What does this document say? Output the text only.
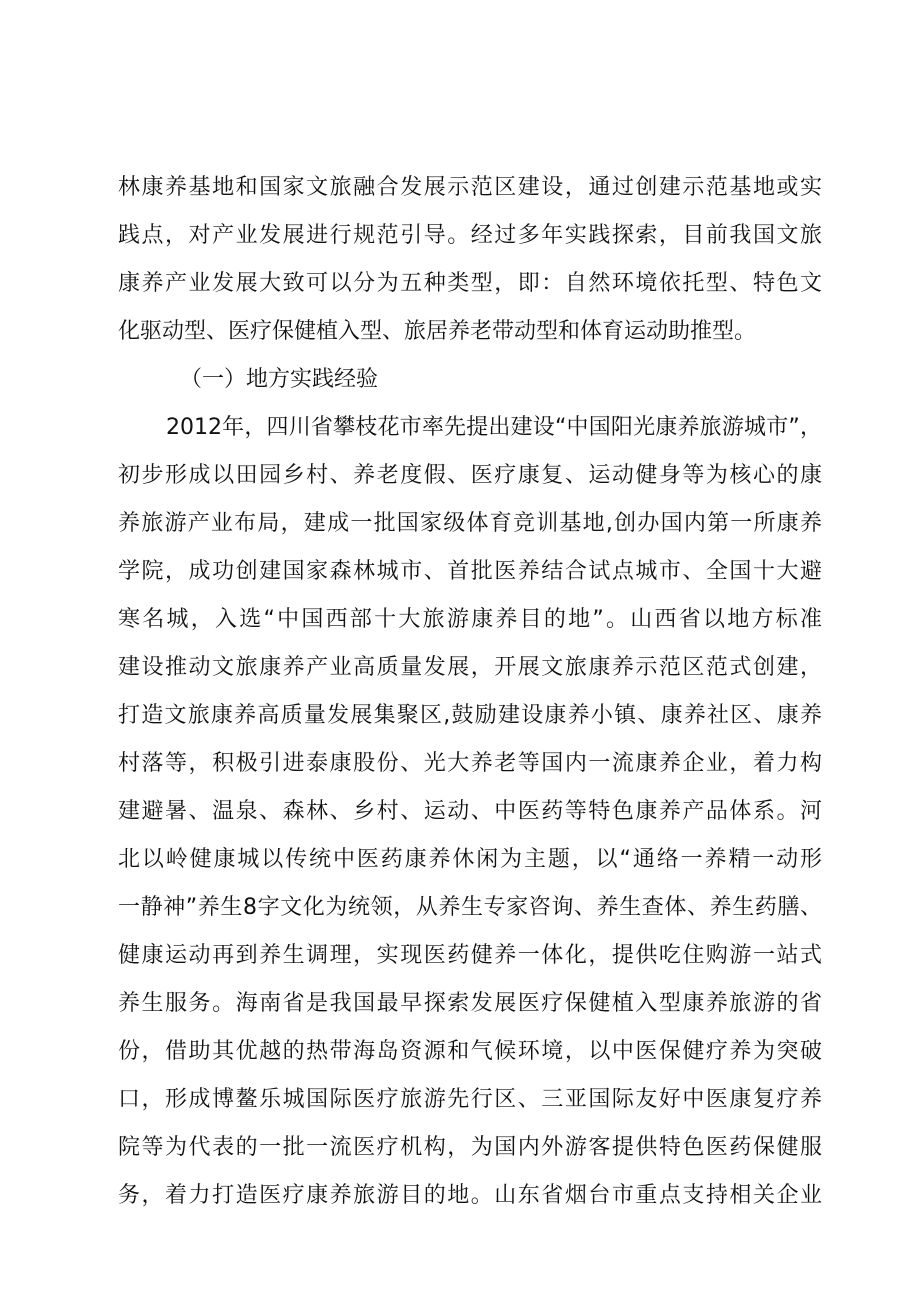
林康养基地和国家文旅融合发展示范区建设，通过创建示范基地或实
践点，对产业发展进行规范引导。经过多年实践探索，目前我国文旅
康养产业发展大致可以分为五种类型，即：自然环境依托型、特色文
化驱动型、医疗保健植入型、旅居养老带动型和体育运动助推型。
（一）地方实践经验
2012年，四川省攀枝花市率先提出建设“中国阳光康养旅游城市”，
初步形成以田园乡村、养老度假、医疗康复、运动健身等为核心的康
养旅游产业布局，建成一批国家级体育竞训基地,创办国内第一所康养
学院，成功创建国家森林城市、首批医养结合试点城市、全国十大避
寒名城，入选“中国西部十大旅游康养目的地”。山西省以地方标准
建设推动文旅康养产业高质量发展，开展文旅康养示范区范式创建，
打造文旅康养高质量发展集聚区,鼓励建设康养小镇、康养社区、康养
村落等，积极引进泰康股份、光大养老等国内一流康养企业，着力构
建避暑、温泉、森林、乡村、运动、中医药等特色康养产品体系。河
北以岭健康城以传统中医药康养休闲为主题，以“通络一养精一动形
一静神”养生8字文化为统领，从养生专家咨询、养生查体、养生药膳、
健康运动再到养生调理，实现医药健养一体化，提供吃住购游一站式
养生服务。海南省是我国最早探索发展医疗保健植入型康养旅游的省
份，借助其优越的热带海岛资源和气候环境，以中医保健疗养为突破
口，形成博鳌乐城国际医疗旅游先行区、三亚国际友好中医康复疗养
院等为代表的一批一流医疗机构，为国内外游客提供特色医药保健服
务，着力打造医疗康养旅游目的地。山东省烟台市重点支持相关企业
